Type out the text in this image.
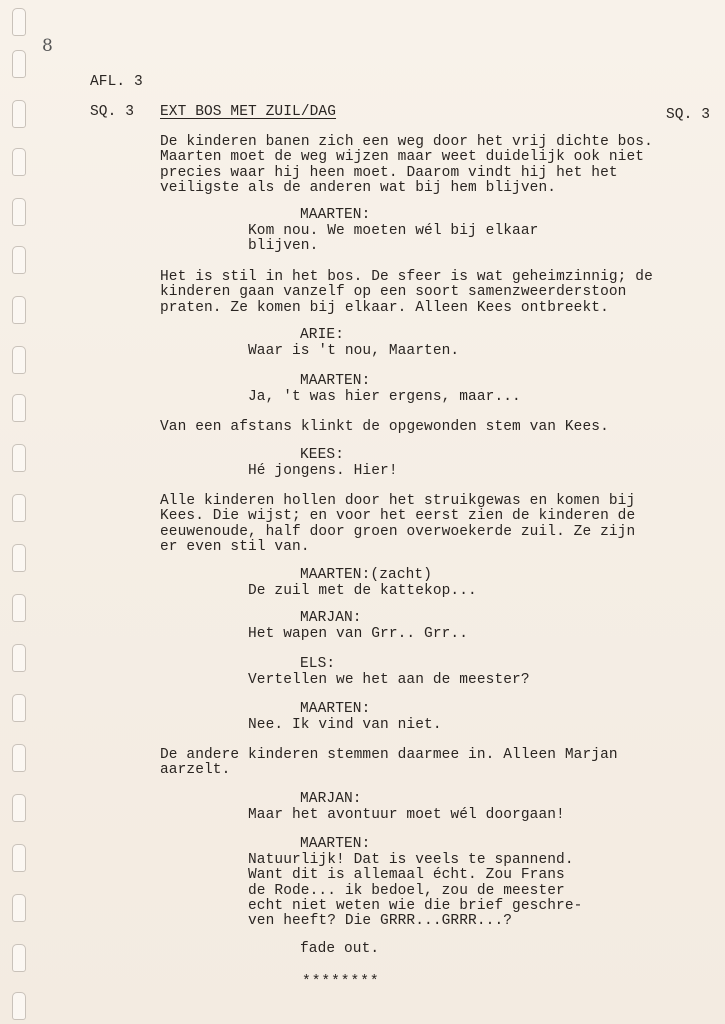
8
AFL. 3
SQ. 3 EXT BOS MET ZUIL/DAG	SQ. 3
De kinderen banen zich een weg door het vrij dichte bos.
Maarten moet de weg wijzen maar weet duidelijk ook niet
precies waar hij heen moet. Daarom vindt hij het het
veiligste als de anderen wat bij hem blijven.
MAARTEN:
Kom nou. We moeten wél bij elkaar
blijven.
Het is stil in het bos. De sfeer is wat geheimzinnig; de
kinderen gaan vanzelf op een soort samenzweerderstoon
praten. Ze komen bij elkaar. Alleen Kees ontbreekt.
ARIE:
Waar is 't nou, Maarten.
MAARTEN:
Ja, 't was hier ergens, maar...
Van een afstans klinkt de opgewonden stem van Kees.
KEES:
Hé jongens. Hier!
Alle kinderen hollen door het struikgewas en komen bij
Kees. Die wijst; en voor het eerst zien de kinderen de
eeuwenoude, half door groen overwoekerde zuil. Ze zijn
er even stil van.
MAARTEN:(zacht)
De zuil met de kattekop...
MARJAN:
Het wapen van Grr.. Grr..
ELS:
Vertellen we het aan de meester?
MAARTEN:
Nee. Ik vind van niet.
De andere kinderen stemmen daarmee in. Alleen Marjan
aarzelt.
MARJAN:
Maar het avontuur moet wél doorgaan!
MAARTEN:
Natuurlijk! Dat is veels te spannend.
Want dit is allemaal écht. Zou Frans
de Rode... ik bedoel, zou de meester
echt niet weten wie die brief geschre-
ven heeft? Die GRRR...GRRR...?
fade out.
********
